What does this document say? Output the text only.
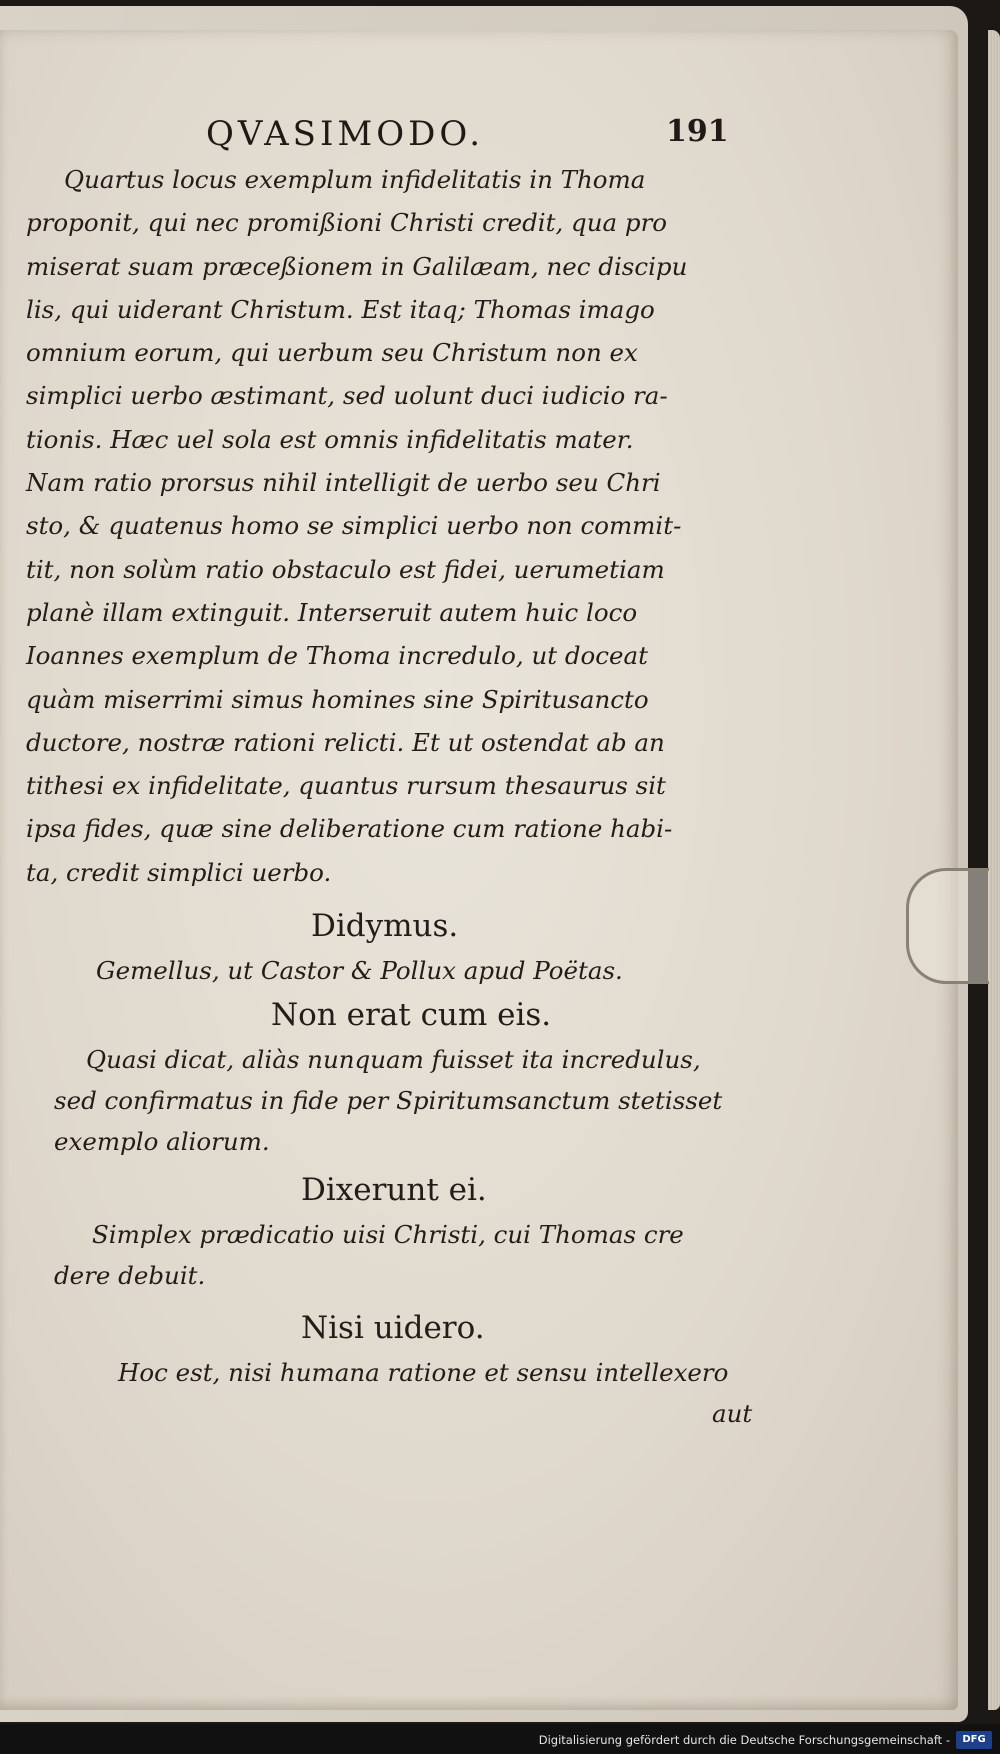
QVASIMODO.	191

Quartus locus exemplum infidelitatis in Thoma
proponit, qui nec promißioni Christi credit, qua pro
miserat suam præceßionem in Galilæam, nec discipu
lis, qui uiderant Christum. Est itaq; Thomas imago
omnium eorum, qui uerbum seu Christum non ex
simplici uerbo æstimant, sed uolunt duci iudicio ra-
tionis. Hæc uel sola est omnis infidelitatis mater.
Nam ratio prorsus nihil intelligit de uerbo seu Chri
sto, & quatenus homo se simplici uerbo non commit-
tit, non solùm ratio obstaculo est fidei, uerumetiam
planè illam extinguit. Interseruit autem huic loco
Ioannes exemplum de Thoma incredulo, ut doceat
quàm miserrimi simus homines sine Spiritusancto
ductore, nostræ rationi relicti. Et ut ostendat ab an
tithesi ex infidelitate, quantus rursum thesaurus sit
ipsa fides, quæ sine deliberatione cum ratione habi-
ta, credit simplici uerbo.

Didymus.

Gemellus, ut Castor & Pollux apud Poëtas.

Non erat cum eis.

Quasi dicat, aliàs nunquam fuisset ita incredulus,
sed confirmatus in fide per Spiritumsanctum stetisset
exemplo aliorum.

Dixerunt ei.

Simplex prædicatio uisi Christi, cui Thomas cre
dere debuit.

Nisi uidero.

Hoc est, nisi humana ratione et sensu intellexero
aut

Digitalisierung gefördert durch die Deutsche Forschungsgemeinschaft -	DFG
